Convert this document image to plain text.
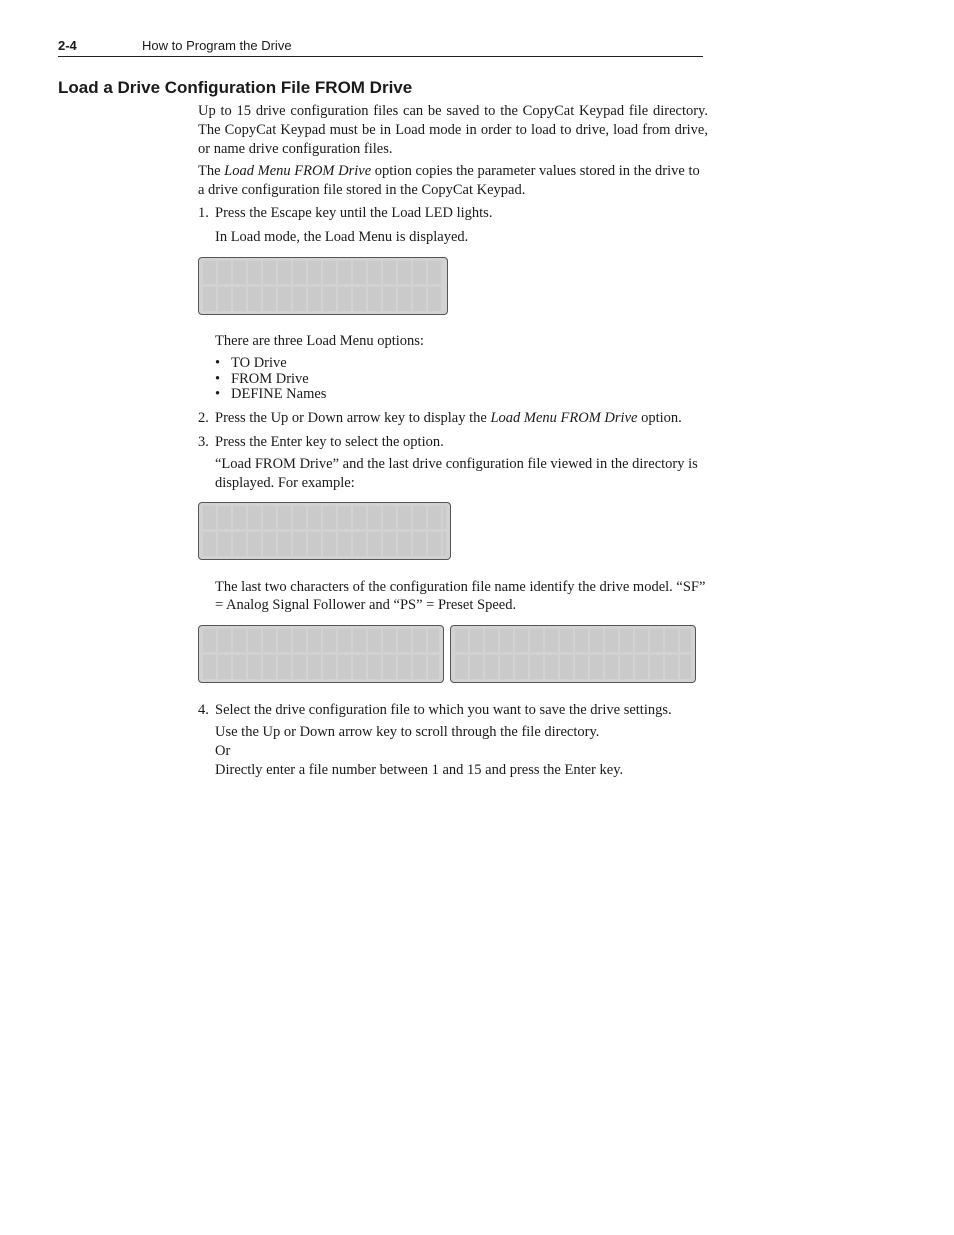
2-4	How to Program the Drive
Load a Drive Configuration File FROM Drive

Up to 15 drive configuration files can be saved to the CopyCat Keypad file directory. The CopyCat Keypad must be in Load mode in order to load to drive, load from drive, or name drive configuration files.

The Load Menu FROM Drive option copies the parameter values stored in the drive to a drive configuration file stored in the CopyCat Keypad.

1. Press the Escape key until the Load LED lights.

In Load mode, the Load Menu is displayed.

There are three Load Menu options:

• TO Drive
• FROM Drive
• DEFINE Names
2. Press the Up or Down arrow key to display the Load Menu FROM Drive option.

3. Press the Enter key to select the option.

“Load FROM Drive” and the last drive configuration file viewed in the directory is displayed. For example:

The last two characters of the configuration file name identify the drive model. “SF” = Analog Signal Follower and “PS” = Preset Speed.

4. Select the drive configuration file to which you want to save the drive settings.

Use the Up or Down arrow key to scroll through the file directory.

Or

Directly enter a file number between 1 and 15 and press the Enter key.
